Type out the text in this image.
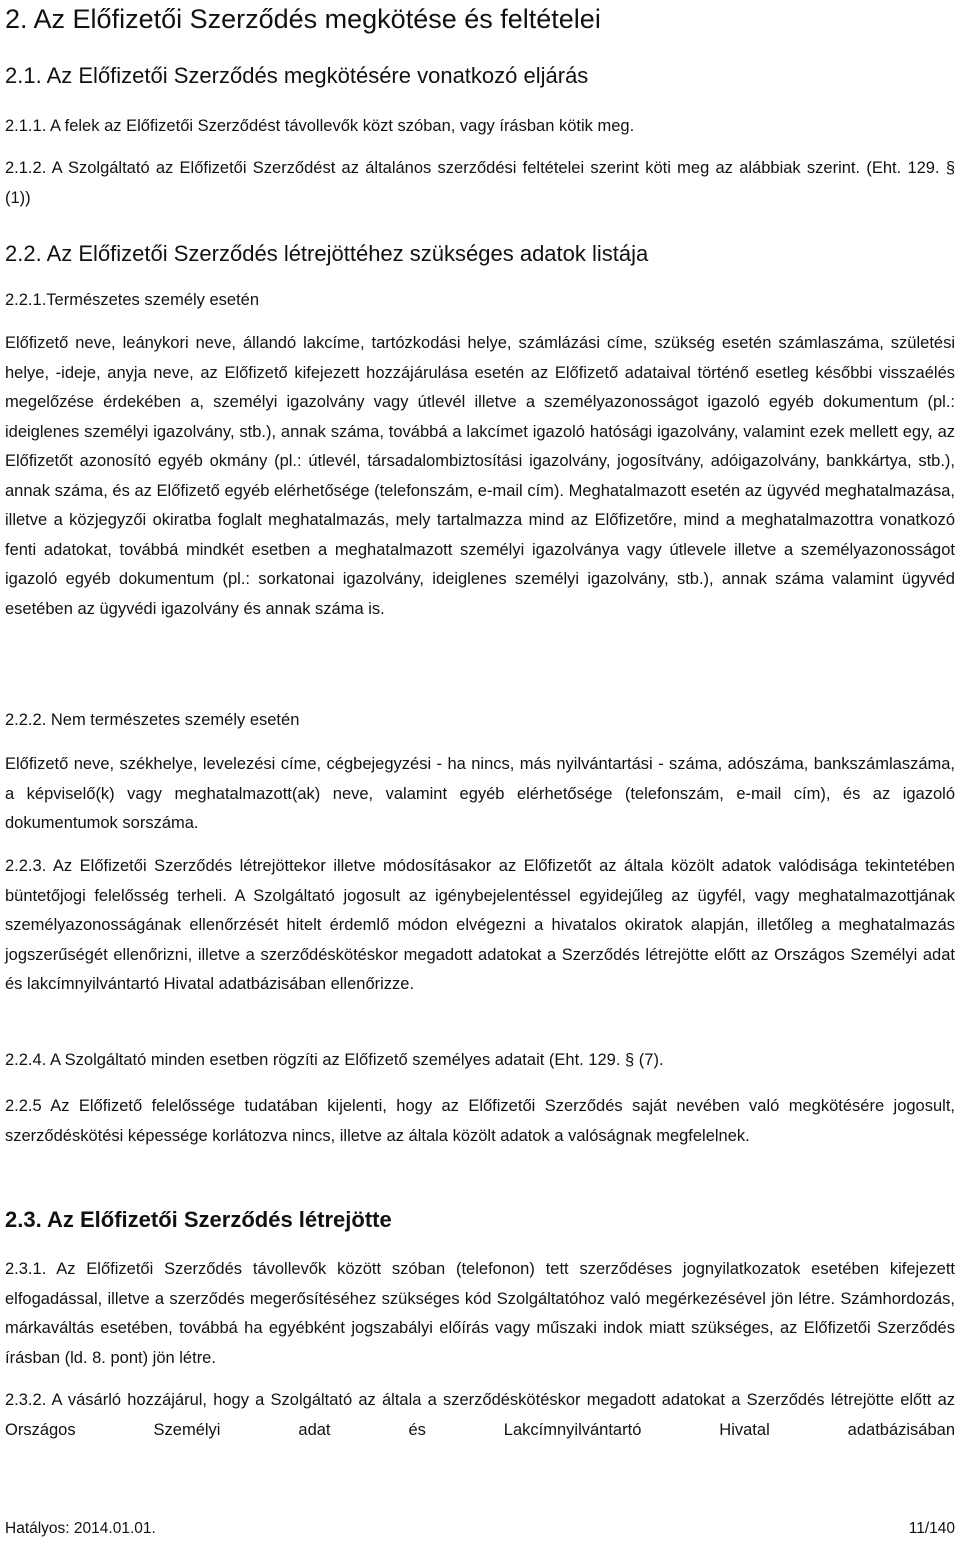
2. Az Előfizetői Szerződés megkötése és feltételei
2.1. Az Előfizetői Szerződés megkötésére vonatkozó eljárás

2.1.1. A felek az Előfizetői Szerződést távollevők közt szóban, vagy írásban kötik meg.

2.1.2. A Szolgáltató az Előfizetői Szerződést az általános szerződési feltételei szerint köti meg az alábbiak szerint. (Eht. 129. § (1))

2.2. Az Előfizetői Szerződés létrejöttéhez szükséges adatok listája

2.2.1.Természetes személy esetén

Előfizető neve, leánykori neve, állandó lakcíme, tartózkodási helye, számlázási címe, szükség esetén számlaszáma, születési helye, -ideje, anyja neve, az Előfizető kifejezett hozzájárulása esetén az Előfizető adataival történő esetleg későbbi visszaélés megelőzése érdekében a, személyi igazolvány vagy útlevél illetve a személyazonosságot igazoló egyéb dokumentum (pl.: ideiglenes személyi igazolvány, stb.), annak száma, továbbá a lakcímet igazoló hatósági igazolvány, valamint ezek mellett egy, az Előfizetőt azonosító egyéb okmány (pl.: útlevél, társadalombiztosítási igazolvány, jogosítvány, adóigazolvány, bankkártya, stb.), annak száma, és az Előfizető egyéb elérhetősége (telefonszám, e-mail cím). Meghatalmazott esetén az ügyvéd meghatalmazása, illetve a közjegyzői okiratba foglalt meghatalmazás, mely tartalmazza mind az Előfizetőre, mind a meghatalmazottra vonatkozó fenti adatokat, továbbá mindkét esetben a meghatalmazott személyi igazolványa vagy útlevele illetve a személyazonosságot igazoló egyéb dokumentum (pl.: sorkatonai igazolvány, ideiglenes személyi igazolvány, stb.), annak száma valamint ügyvéd esetében az ügyvédi igazolvány és annak száma is.

2.2.2. Nem természetes személy esetén

Előfizető neve, székhelye, levelezési címe, cégbejegyzési - ha nincs, más nyilvántartási - száma, adószáma, bankszámlaszáma, a képviselő(k) vagy meghatalmazott(ak) neve, valamint egyéb elérhetősége (telefonszám, e-mail cím), és az igazoló dokumentumok sorszáma.

2.2.3. Az Előfizetői Szerződés létrejöttekor illetve módosításakor az Előfizetőt az általa közölt adatok valódisága tekintetében büntetőjogi felelősség terheli. A Szolgáltató jogosult az igénybejelentéssel egyidejűleg az ügyfél, vagy meghatalmazottjának személyazonosságának ellenőrzését hitelt érdemlő módon elvégezni a hivatalos okiratok alapján, illetőleg a meghatalmazás jogszerűségét ellenőrizni, illetve a szerződéskötéskor megadott adatokat a Szerződés létrejötte előtt az Országos Személyi adat és lakcímnyilvántartó Hivatal adatbázisában ellenőrizze.

2.2.4. A Szolgáltató minden esetben rögzíti az Előfizető személyes adatait (Eht. 129. § (7).

2.2.5 Az Előfizető felelőssége tudatában kijelenti, hogy az Előfizetői Szerződés saját nevében való megkötésére jogosult, szerződéskötési képessége korlátozva nincs, illetve az általa közölt adatok a valóságnak megfelelnek.

2.3. Az Előfizetői Szerződés létrejötte

2.3.1. Az Előfizetői Szerződés távollevők között szóban (telefonon) tett szerződéses jognyilatkozatok esetében kifejezett elfogadással, illetve a szerződés megerősítéséhez szükséges kód Szolgáltatóhoz való megérkezésével jön létre. Számhordozás, márkaváltás esetében, továbbá ha egyébként jogszabályi előírás vagy műszaki indok miatt szükséges, az Előfizetői Szerződés írásban (ld. 8. pont) jön létre.

2.3.2. A vásárló hozzájárul, hogy a Szolgáltató az általa a szerződéskötéskor megadott adatokat a Szerződés létrejötte előtt az Országos Személyi adat és Lakcímnyilvántartó Hivatal adatbázisában

Hatályos: 2014.01.01.	11/140
